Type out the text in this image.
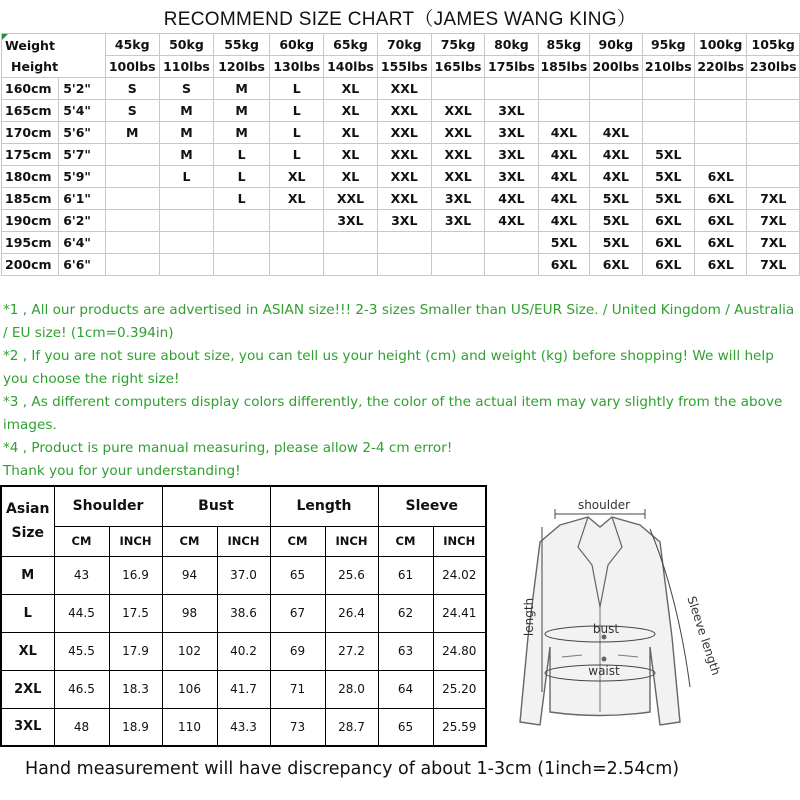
RECOMMEND SIZE CHART（JAMES WANG KING）
Weight
Height		45kg	50kg	55kg	60kg	65kg	70kg	75kg	80kg	85kg	90kg	95kg	100kg	105kg
		100lbs	110lbs	120lbs	130lbs	140lbs	155lbs	165lbs	175lbs	185lbs	200lbs	210lbs	220lbs	230lbs
160cm	5'2"	S	S	M	L	XL	XXL							
165cm	5'4"	S	M	M	L	XL	XXL	XXL	3XL					
170cm	5'6"	M	M	M	L	XL	XXL	XXL	3XL	4XL	4XL			
175cm	5'7"		M	L	L	XL	XXL	XXL	3XL	4XL	4XL	5XL		
180cm	5'9"		L	L	XL	XL	XXL	XXL	3XL	4XL	4XL	5XL	6XL	
185cm	6'1"			L	XL	XXL	XXL	3XL	4XL	4XL	5XL	5XL	6XL	7XL
190cm	6'2"					3XL	3XL	3XL	4XL	4XL	5XL	6XL	6XL	7XL
195cm	6'4"									5XL	5XL	6XL	6XL	7XL
200cm	6'6"									6XL	6XL	6XL	6XL	7XL

*1 , All our products are advertised in ASIAN size!!! 2-3 sizes Smaller than US/EUR Size. / United Kingdom / Australia / EU size! (1cm=0.394in)

*2 , If you are not sure about size, you can tell us your height (cm) and weight (kg) before shopping! We will help you choose the right size!

*3 , As different computers display colors differently, the color of the actual item may vary slightly from the above images.

*4 , Product is pure manual measuring, please allow 2-4 cm error!

Thank you for your understanding!

Asian
Size	Shoulder		Bust		Length		Sleeve	
	CM	INCH	CM	INCH	CM	INCH	CM	INCH
M	43	16.9	94	37.0	65	25.6	61	24.02
L	44.5	17.5	98	38.6	67	26.4	62	24.41
XL	45.5	17.9	102	40.2	69	27.2	63	24.80
2XL	46.5	18.3	106	41.7	71	28.0	64	25.20
3XL	48	18.9	110	43.3	73	28.7	65	25.59
shoulder
length	bust
waist	Sleeve length
Hand measurement will have discrepancy of about 1-3cm (1inch=2.54cm)
